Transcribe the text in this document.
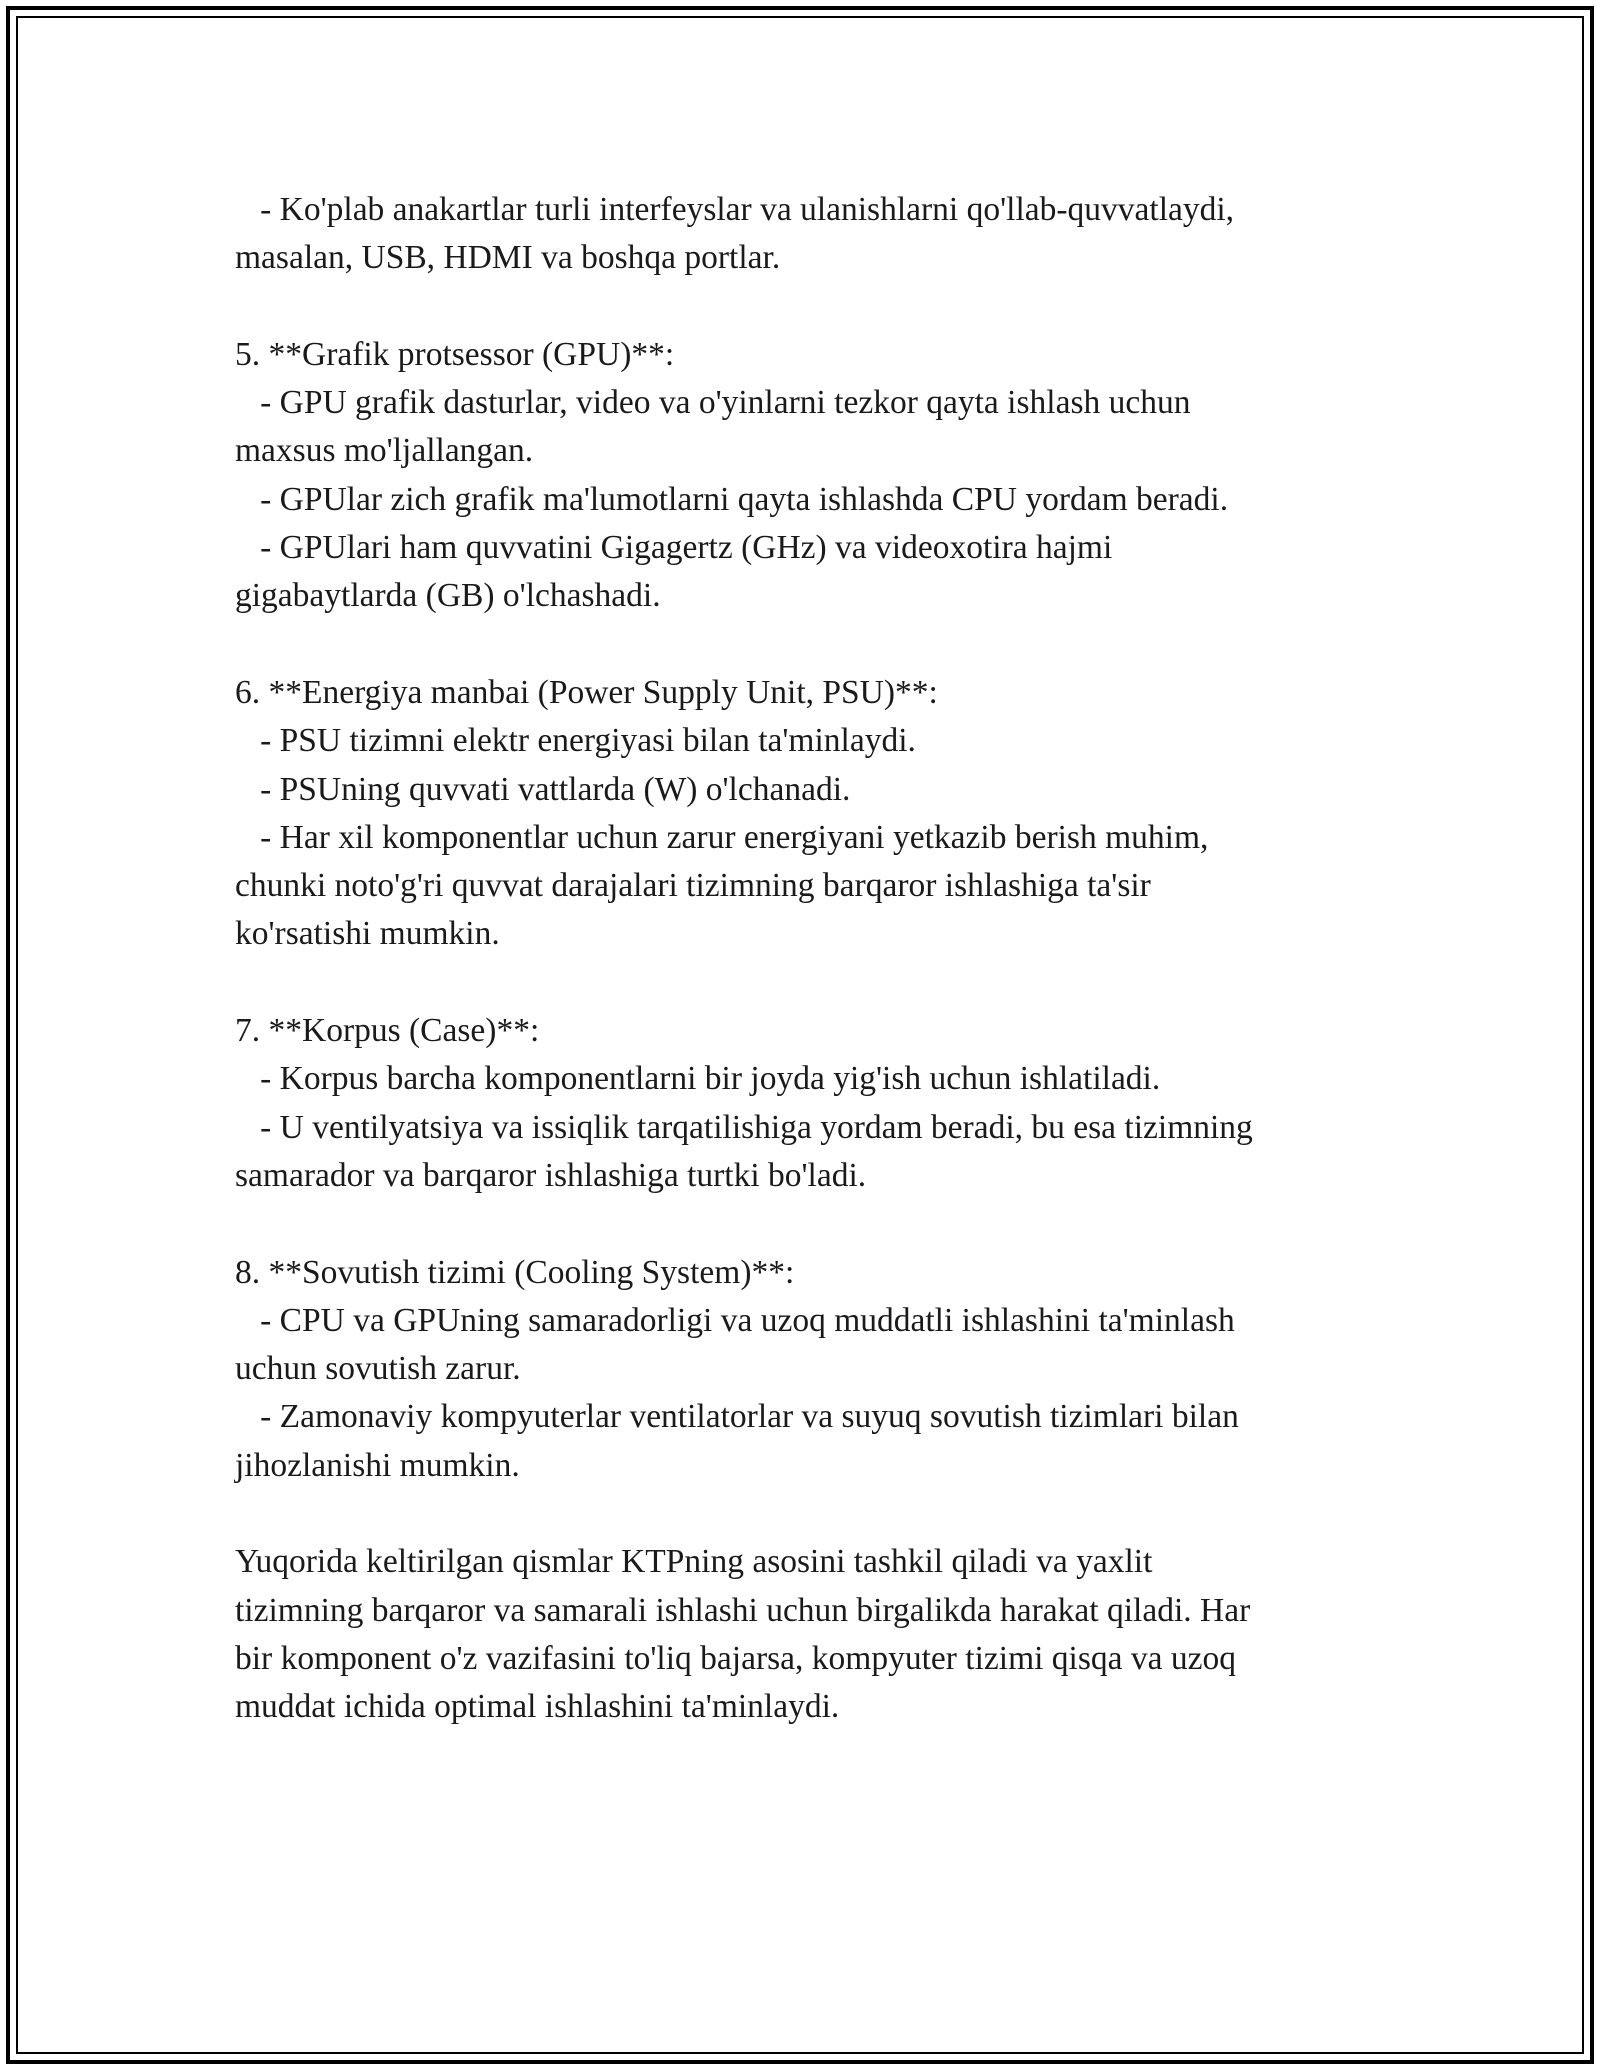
- Ko'plab anakartlar turli interfeyslar va ulanishlarni qo'llab-quvvatlaydi,
masalan, USB, HDMI va boshqa portlar.
5. **Grafik protsessor (GPU)**:
- GPU grafik dasturlar, video va o'yinlarni tezkor qayta ishlash uchun
maxsus mo'ljallangan.
- GPUlar zich grafik ma'lumotlarni qayta ishlashda CPU yordam beradi.
- GPUlari ham quvvatini Gigagertz (GHz) va videoxotira hajmi
gigabaytlarda (GB) o'lchashadi.
6. **Energiya manbai (Power Supply Unit, PSU)**:
- PSU tizimni elektr energiyasi bilan ta'minlaydi.
- PSUning quvvati vattlarda (W) o'lchanadi.
- Har xil komponentlar uchun zarur energiyani yetkazib berish muhim,
chunki noto'g'ri quvvat darajalari tizimning barqaror ishlashiga ta'sir
ko'rsatishi mumkin.
7. **Korpus (Case)**:
- Korpus barcha komponentlarni bir joyda yig'ish uchun ishlatiladi.
- U ventilyatsiya va issiqlik tarqatilishiga yordam beradi, bu esa tizimning
samarador va barqaror ishlashiga turtki bo'ladi.
8. **Sovutish tizimi (Cooling System)**:
- CPU va GPUning samaradorligi va uzoq muddatli ishlashini ta'minlash
uchun sovutish zarur.
- Zamonaviy kompyuterlar ventilatorlar va suyuq sovutish tizimlari bilan
jihozlanishi mumkin.
Yuqorida keltirilgan qismlar KTPning asosini tashkil qiladi va yaxlit
tizimning barqaror va samarali ishlashi uchun birgalikda harakat qiladi. Har
bir komponent o'z vazifasini to'liq bajarsa, kompyuter tizimi qisqa va uzoq
muddat ichida optimal ishlashini ta'minlaydi.
